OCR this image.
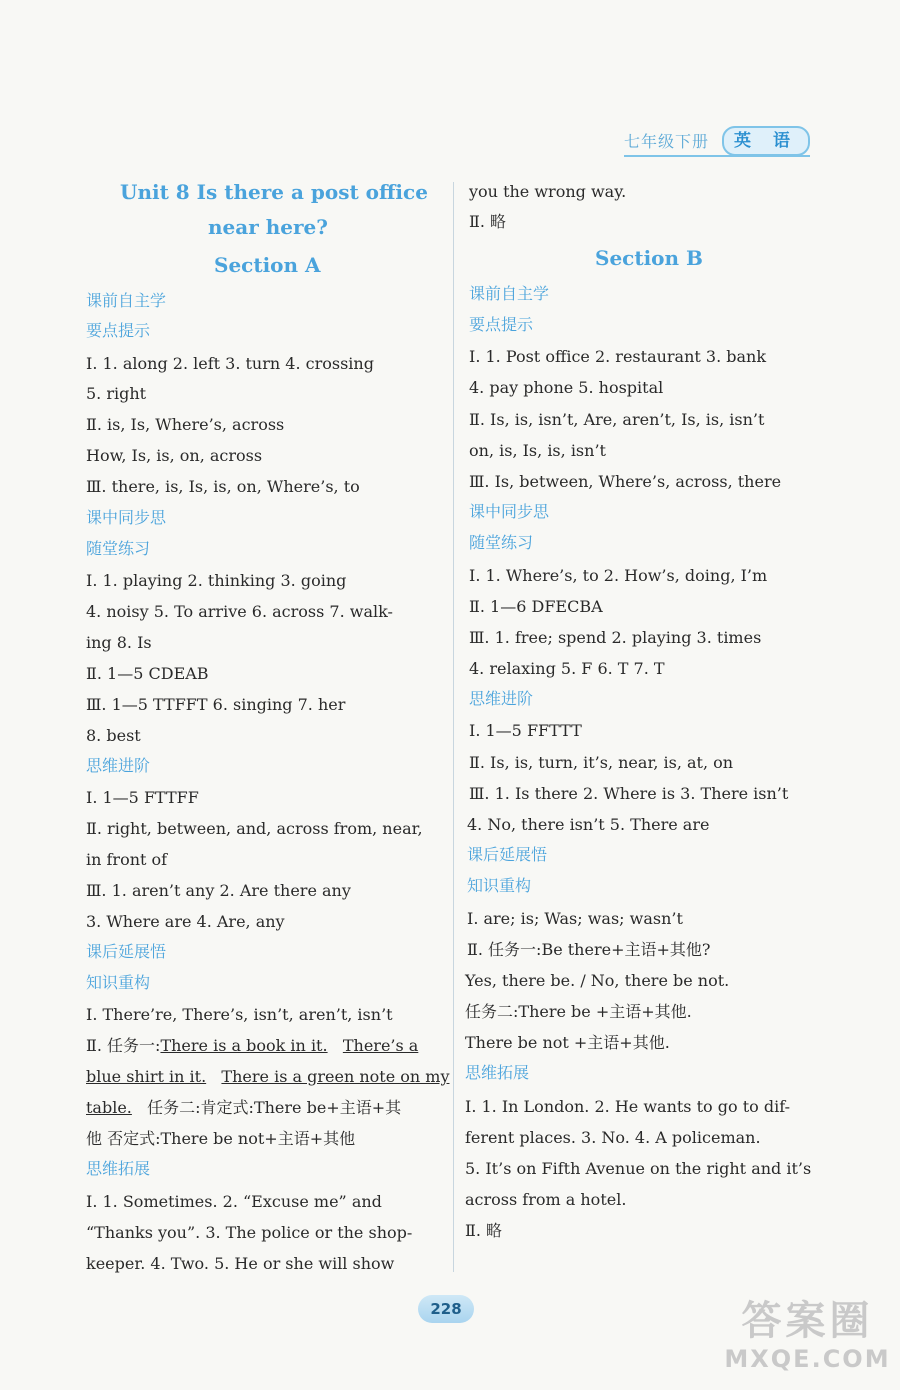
七年级下册	英 语
Unit 8 Is there a post office
near here?
Section A
课前自主学
要点提示
Ⅰ. 1. along 2. left 3. turn 4. crossing
5. right
Ⅱ. is, Is, Where’s, across
How, Is, is, on, across
Ⅲ. there, is, Is, is, on, Where’s, to
课中同步思
随堂练习
Ⅰ. 1. playing 2. thinking 3. going
4. noisy 5. To arrive 6. across 7. walk-
ing 8. Is
Ⅱ. 1—5 CDEAB
Ⅲ. 1—5 TTFFT 6. singing 7. her
8. best
思维进阶
Ⅰ. 1—5 FTTFF
Ⅱ. right, between, and, across from, near,
in front of
Ⅲ. 1. aren’t any 2. Are there any
3. Where are 4. Are, any
课后延展悟
知识重构
Ⅰ. There’re, There’s, isn’t, aren’t, isn’t
Ⅱ. 任务一:There is a book in it. There’s a
blue shirt in it. There is a green note on my
table. 任务二:肯定式:There be+主语+其
他 否定式:There be not+主语+其他
思维拓展
Ⅰ. 1. Sometimes. 2. “Excuse me” and
“Thanks you”. 3. The police or the shop-
keeper. 4. Two. 5. He or she will show
you the wrong way.
Ⅱ. 略
Section B
课前自主学
要点提示
Ⅰ. 1. Post office 2. restaurant 3. bank
4. pay phone 5. hospital
Ⅱ. Is, is, isn’t, Are, aren’t, Is, is, isn’t
on, is, Is, is, isn’t
Ⅲ. Is, between, Where’s, across, there
课中同步思
随堂练习
Ⅰ. 1. Where’s, to 2. How’s, doing, I’m
Ⅱ. 1—6 DFECBA
Ⅲ. 1. free; spend 2. playing 3. times
4. relaxing 5. F 6. T 7. T
思维进阶
Ⅰ. 1—5 FFTTT
Ⅱ. Is, is, turn, it’s, near, is, at, on
Ⅲ. 1. Is there 2. Where is 3. There isn’t
4. No, there isn’t 5. There are
课后延展悟
知识重构
Ⅰ. are; is; Was; was; wasn’t
Ⅱ. 任务一:Be there+主语+其他?
Yes, there be. / No, there be not.
任务二:There be +主语+其他.
There be not +主语+其他.
思维拓展
Ⅰ. 1. In London. 2. He wants to go to dif-
ferent places. 3. No. 4. A policeman.
5. It’s on Fifth Avenue on the right and it’s
across from a hotel.
Ⅱ. 略
228	答案圈
MXQE.COM
